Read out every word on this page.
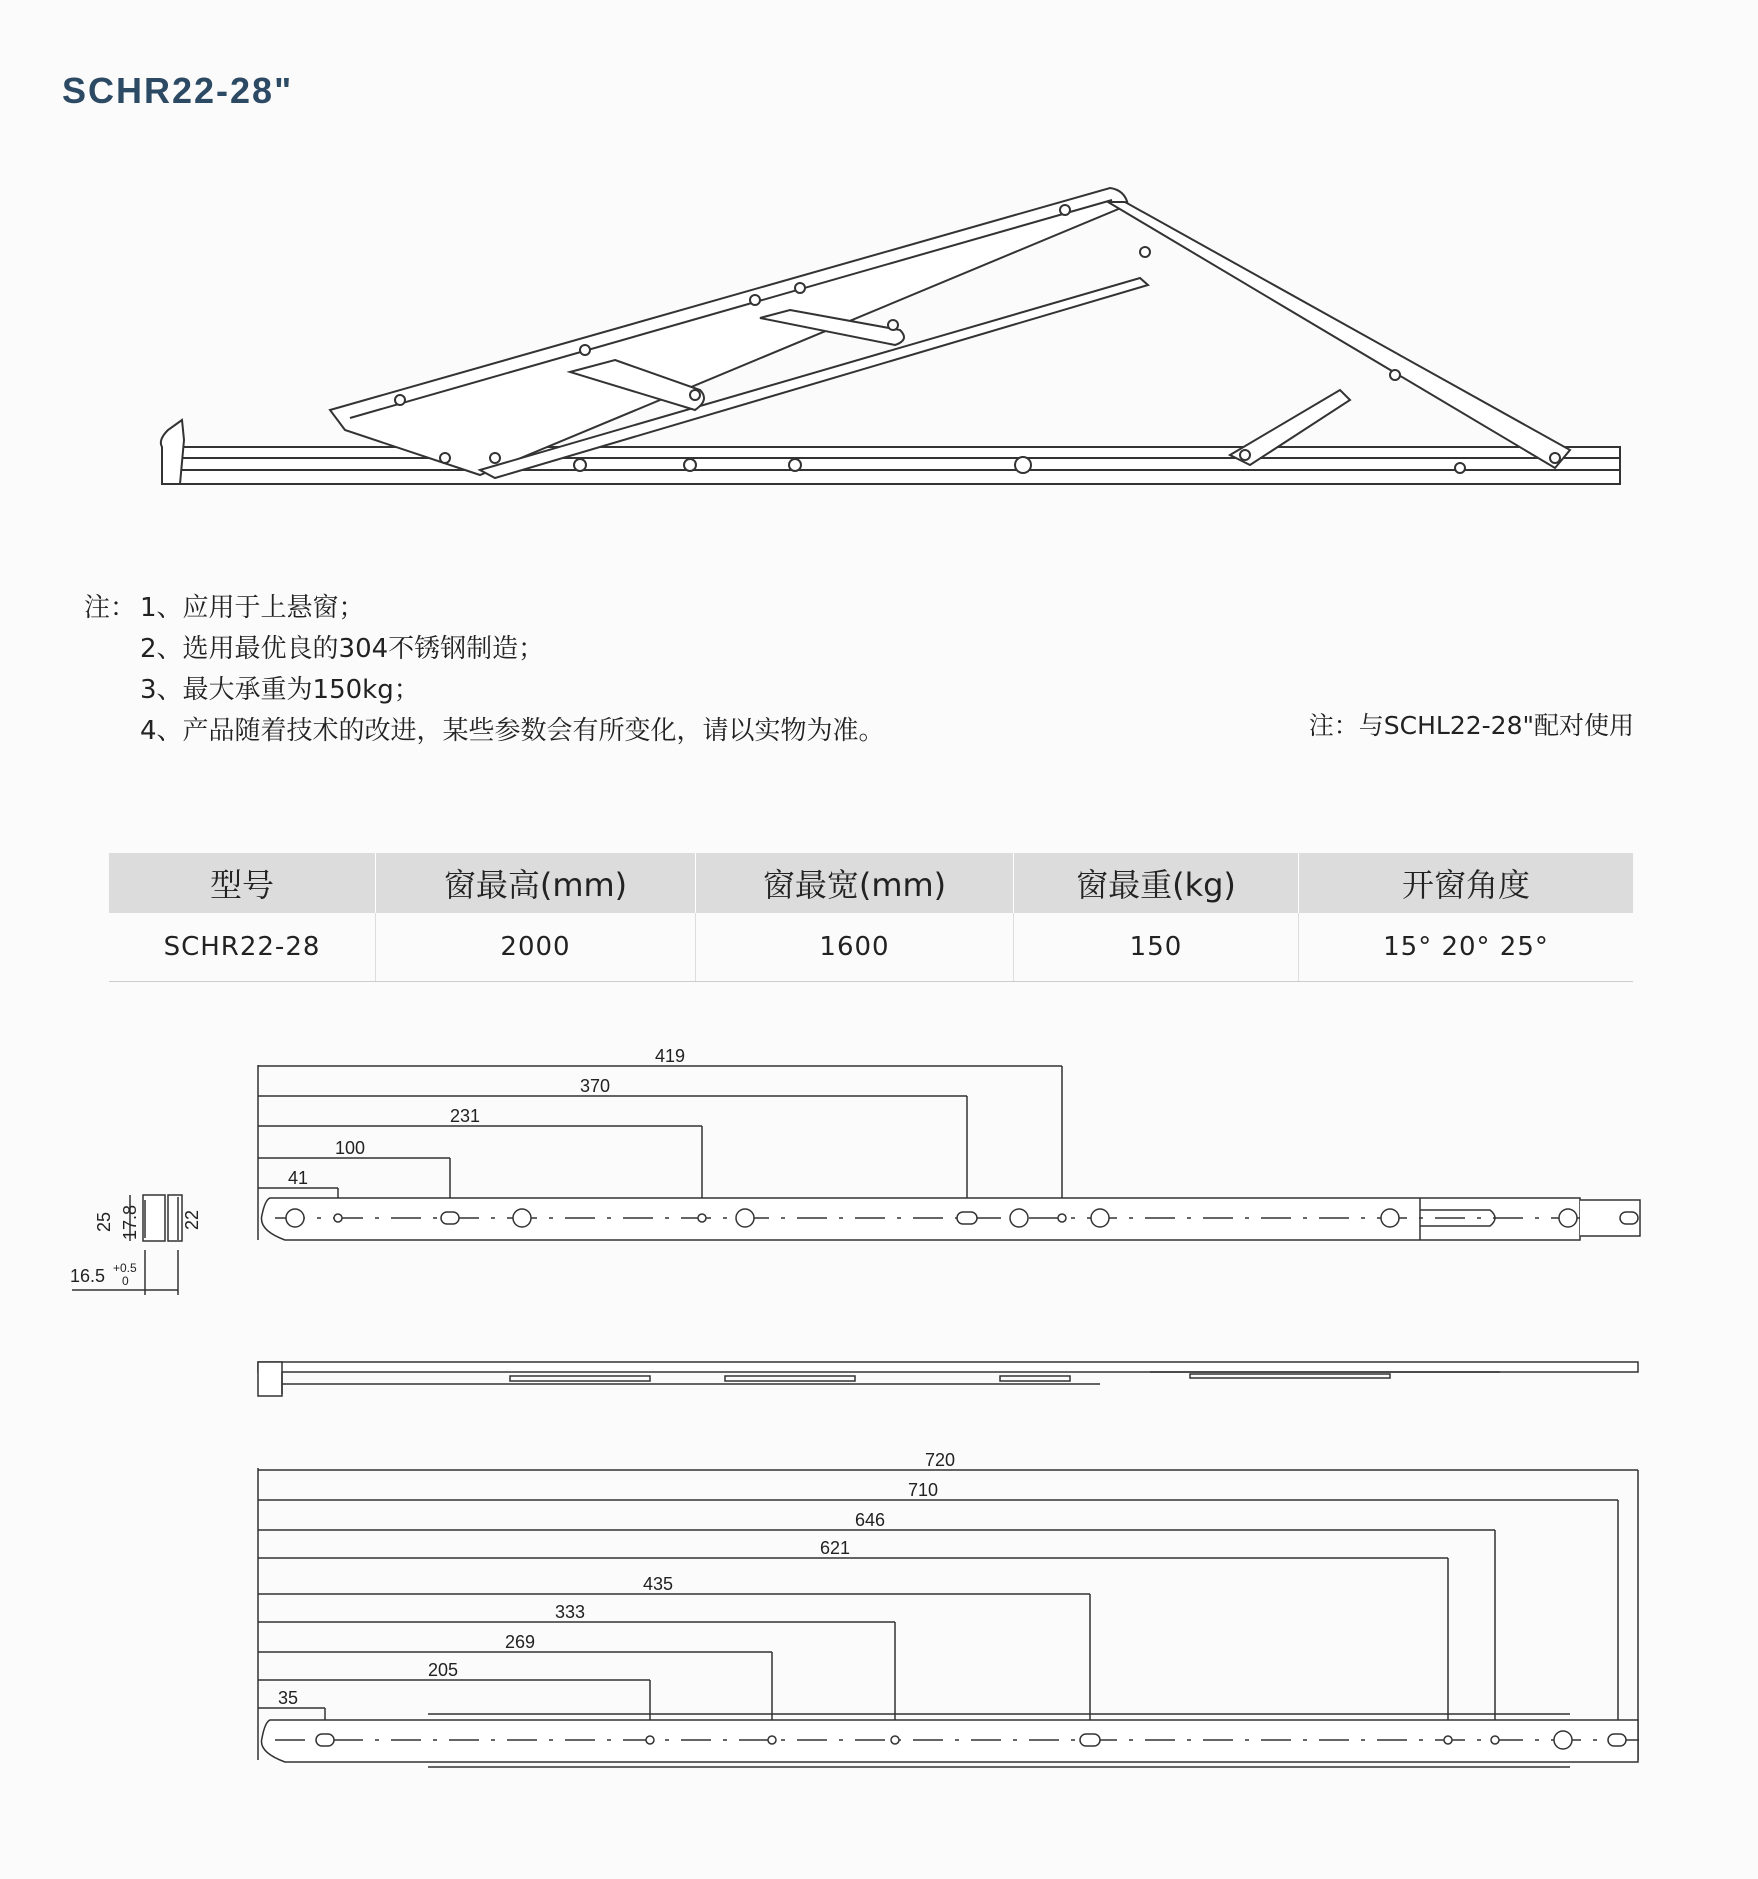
SCHR22-28"
419
370
231
100
41
25 17.8 22
16.5 +0.5
0
720
710
646
621
435
333
269
205
35
注： 1、应用于上悬窗；
2、选用最优良的304不锈钢制造；
3、最大承重为150kg；
4、产品随着技术的改进，某些参数会有所变化，请以实物为准。	注：与SCHL22-28"配对使用
型号	窗最高(mm)	窗最宽(mm)	窗最重(kg)	开窗角度
SCHR22-28	2000	1600	150	15° 20° 25°
